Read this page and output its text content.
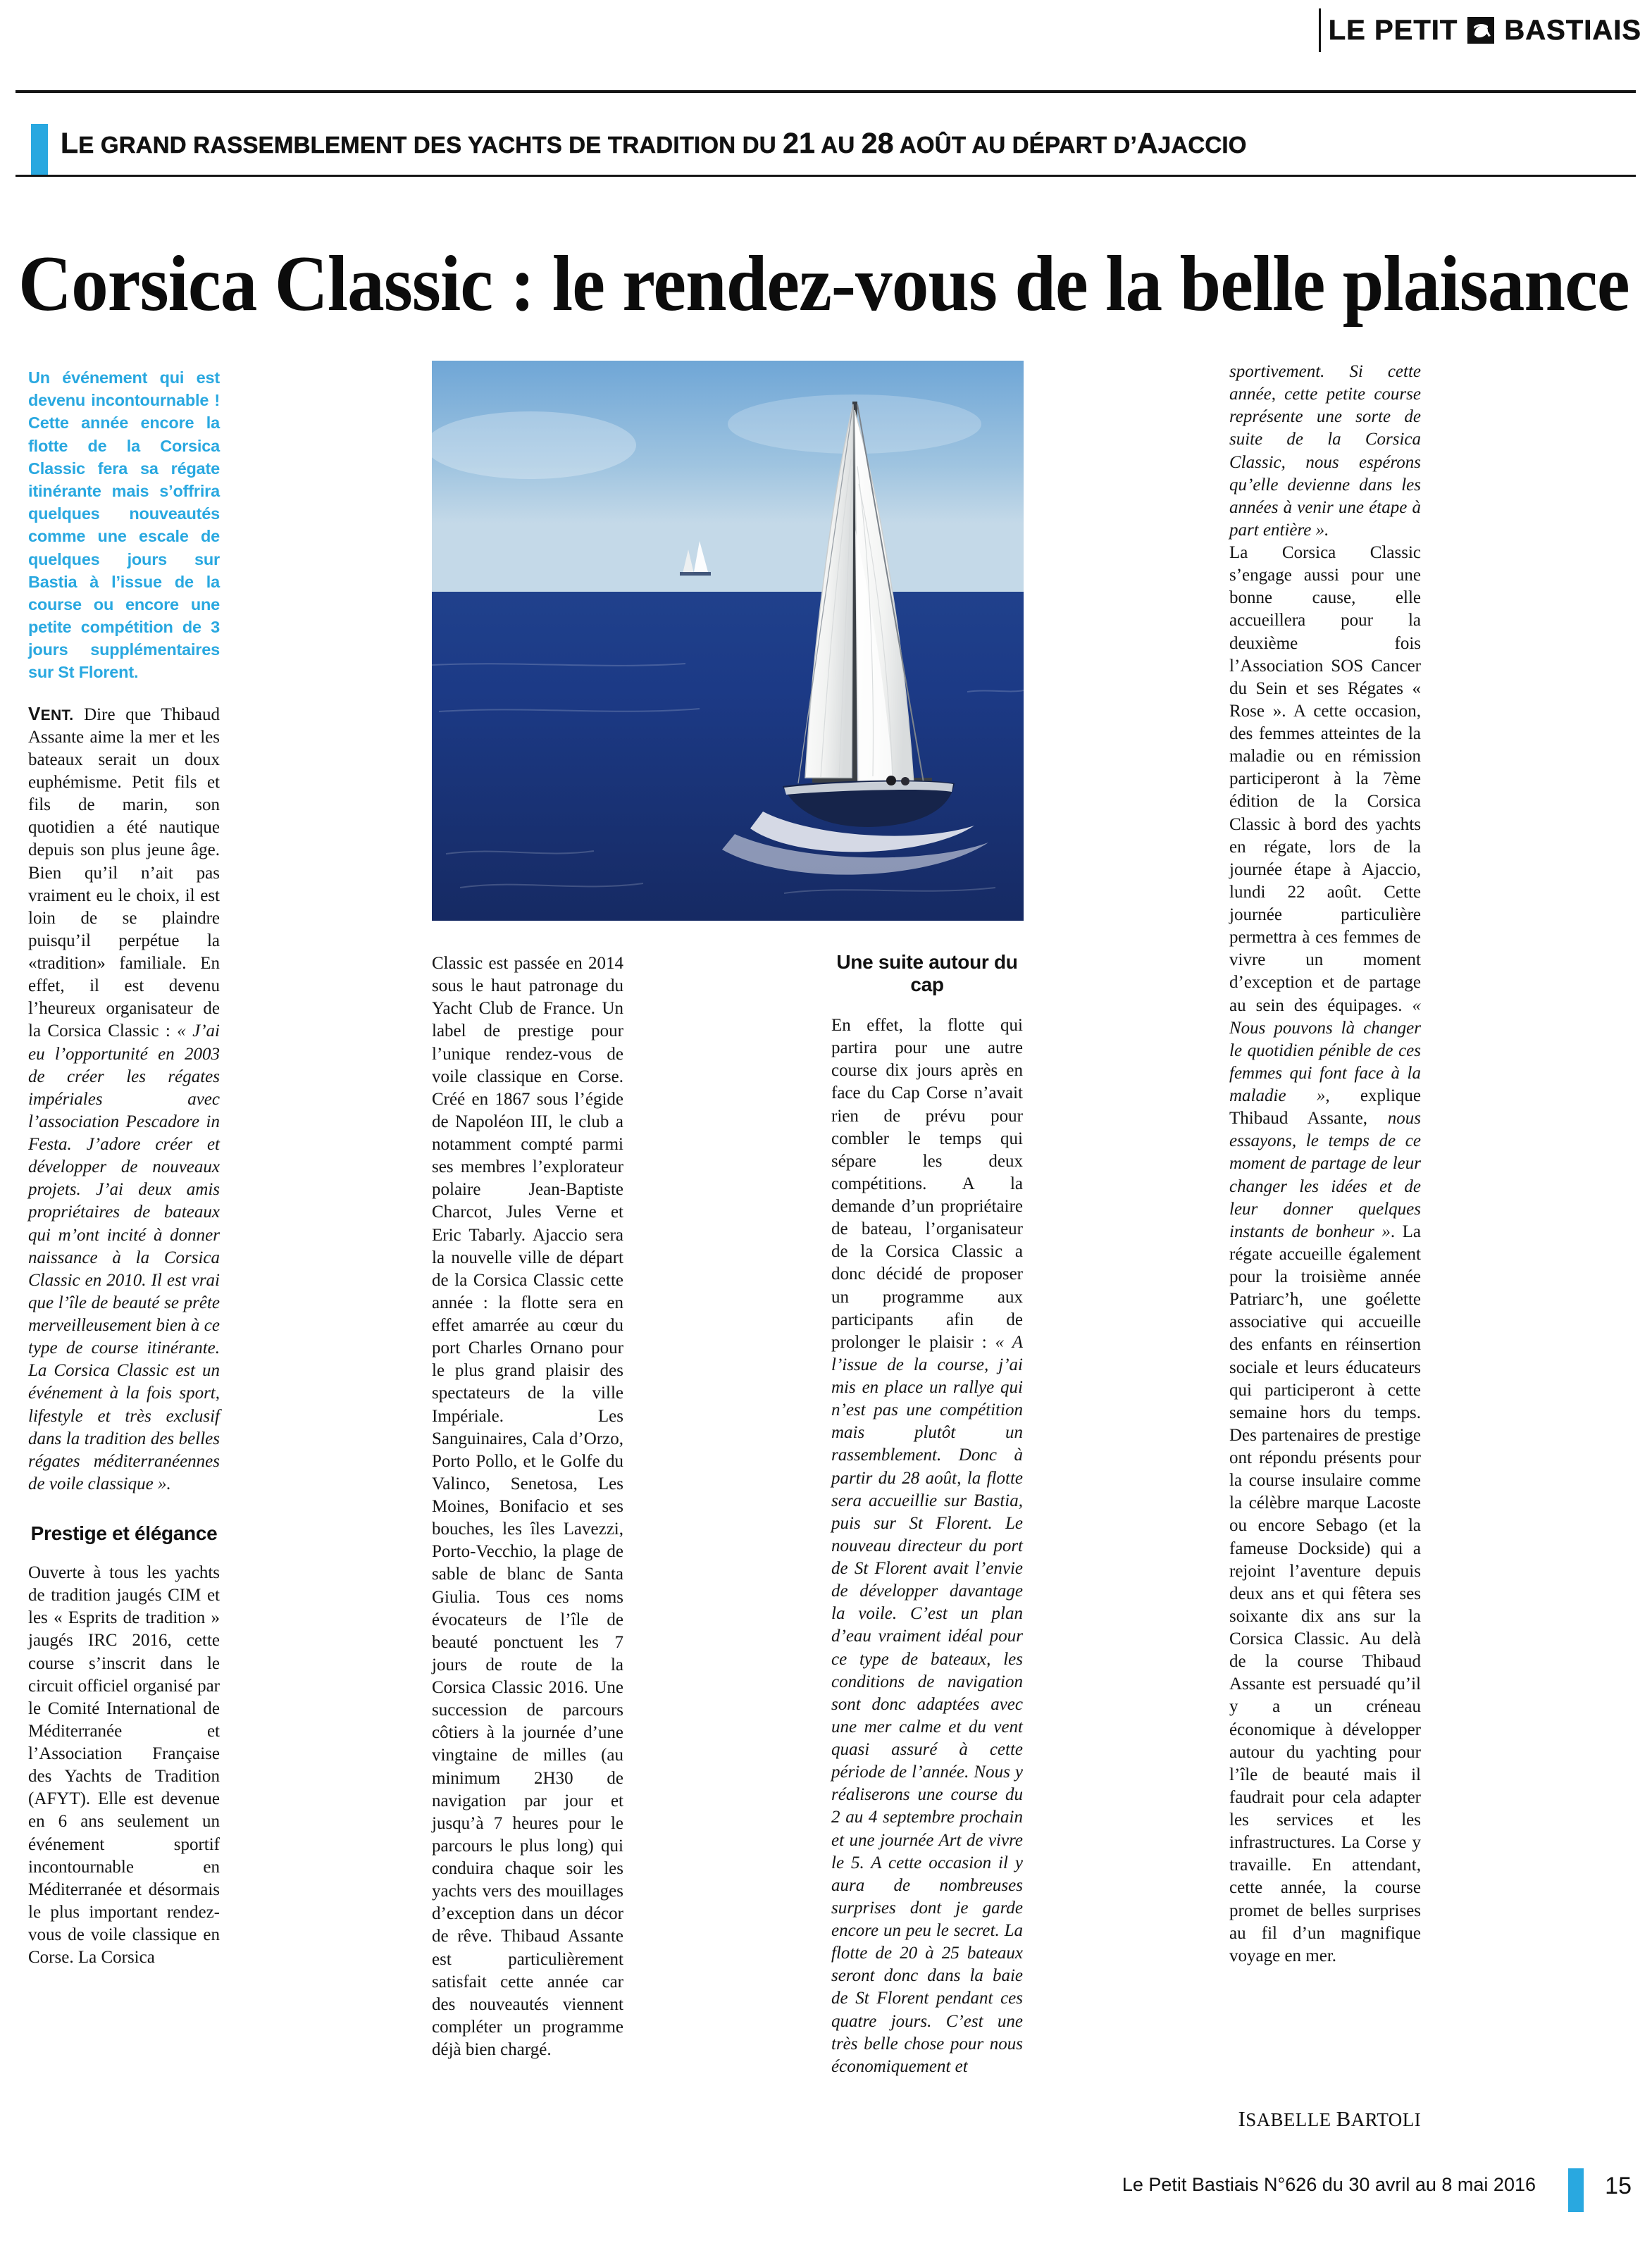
LE PETIT BASTIAIS
LE GRAND RASSEMBLEMENT DES YACHTS DE TRADITION DU 21 AU 28 AOÛT AU DÉPART D’AJACCIO
Corsica Classic : le rendez-vous de la belle plaisance

Un événement qui est devenu incontournable ! Cette année encore la flotte de la Corsica Classic fera sa régate itinérante mais s’offrira quelques nouveautés comme une escale de quelques jours sur Bastia à l’issue de la course ou encore une petite compétition de 3 jours supplémentaires sur St Florent.

VENT. Dire que Thibaud Assante aime la mer et les bateaux serait un doux euphémisme. Petit fils et fils de marin, son quotidien a été nautique depuis son plus jeune âge. Bien qu’il n’ait pas vraiment eu le choix, il est loin de se plaindre puisqu’il perpétue la «tradition» familiale. En effet, il est devenu l’heureux organisateur de la Corsica Classic : « J’ai eu l’opportunité en 2003 de créer les régates impériales avec l’association Pescadore in Festa. J’adore créer et développer de nouveaux projets. J’ai deux amis propriétaires de bateaux qui m’ont incité à donner naissance à la Corsica Classic en 2010. Il est vrai que l’île de beauté se prête merveilleusement bien à ce type de course itinérante. La Corsica Classic est un événement à la fois sport, lifestyle et très exclusif dans la tradition des belles régates méditerranéennes de voile classique ».

Prestige et élégance

Ouverte à tous les yachts de tradition jaugés CIM et les « Esprits de tradition » jaugés IRC 2016, cette course s’inscrit dans le circuit officiel organisé par le Comité International de Méditerranée et l’Association Française des Yachts de Tradition (AFYT). Elle est devenue en 6 ans seulement un événement sportif incontournable en Méditerranée et désormais le plus important rendez-vous de voile classique en Corse. La Corsica

Classic est passée en 2014 sous le haut patronage du Yacht Club de France. Un label de prestige pour l’unique rendez-vous de voile classique en Corse. Créé en 1867 sous l’égide de Napoléon III, le club a notamment compté parmi ses membres l’explorateur polaire Jean-Baptiste Charcot, Jules Verne et Eric Tabarly. Ajaccio sera la nouvelle ville de départ de la Corsica Classic cette année : la flotte sera en effet amarrée au cœur du port Charles Ornano pour le plus grand plaisir des spectateurs de la ville Impériale. Les Sanguinaires, Cala d’Orzo, Porto Pollo, et le Golfe du Valinco, Senetosa, Les Moines, Bonifacio et ses bouches, les îles Lavezzi, Porto-Vecchio, la plage de sable de blanc de Santa Giulia. Tous ces noms évocateurs de l’île de beauté ponctuent les 7 jours de route de la Corsica Classic 2016. Une succession de parcours côtiers à la journée d’une vingtaine de milles (au minimum 2H30 de navigation par jour et jusqu’à 7 heures pour le parcours le plus long) qui conduira chaque soir les yachts vers des mouillages d’exception dans un décor de rêve. Thibaud Assante est particulièrement satisfait cette année car des nouveautés viennent compléter un programme déjà bien chargé.

Une suite autour du cap

En effet, la flotte qui partira pour une autre course dix jours après en face du Cap Corse n’avait rien de prévu pour combler le temps qui sépare les deux compétitions. A la demande d’un propriétaire de bateau, l’organisateur de la Corsica Classic a donc décidé de proposer un programme aux participants afin de prolonger le plaisir : « A l’issue de la course, j’ai mis en place un rallye qui n’est pas une compétition mais plutôt un rassemblement. Donc à partir du 28 août, la flotte sera accueillie sur Bastia, puis sur St Florent. Le nouveau directeur du port de St Florent avait l’envie de développer davantage la voile. C’est un plan d’eau vraiment idéal pour ce type de bateaux, les conditions de navigation sont donc adaptées avec une mer calme et du vent quasi assuré à cette période de l’année. Nous y réaliserons une course du 2 au 4 septembre prochain et une journée Art de vivre le 5. A cette occasion il y aura de nombreuses surprises dont je garde encore un peu le secret. La flotte de 20 à 25 bateaux seront donc dans la baie de St Florent pendant ces quatre jours. C’est une très belle chose pour nous économiquement et

sportivement. Si cette année, cette petite course représente une sorte de suite de la Corsica Classic, nous espérons qu’elle devienne dans les années à venir une étape à part entière ».

La Corsica Classic s’engage aussi pour une bonne cause, elle accueillera pour la deuxième fois l’Association SOS Cancer du Sein et ses Régates « Rose ». A cette occasion, des femmes atteintes de la maladie ou en rémission participeront à la 7ème édition de la Corsica Classic à bord des yachts en régate, lors de la journée étape à Ajaccio, lundi 22 août. Cette journée particulière permettra à ces femmes de vivre un moment d’exception et de partage au sein des équipages. « Nous pouvons là changer le quotidien pénible de ces femmes qui font face à la maladie », explique Thibaud Assante, nous essayons, le temps de ce moment de partage de leur changer les idées et de leur donner quelques instants de bonheur ». La régate accueille également pour la troisième année Patriarc’h, une goélette associative qui accueille des enfants en réinsertion sociale et leurs éducateurs qui participeront à cette semaine hors du temps. Des partenaires de prestige ont répondu présents pour la course insulaire comme la célèbre marque Lacoste ou encore Sebago (et la fameuse Dockside) qui a rejoint l’aventure depuis deux ans et qui fêtera ses soixante dix ans sur la Corsica Classic. Au delà de la course Thibaud Assante est persuadé qu’il y a un créneau économique à développer autour du yachting pour l’île de beauté mais il faudrait pour cela adapter les services et les infrastructures. La Corse y travaille. En attendant, cette année, la course promet de belles surprises au fil d’un magnifique voyage en mer.

ISABELLE BARTOLI
Le Petit Bastiais N°626 du 30 avril au 8 mai 2016	15
